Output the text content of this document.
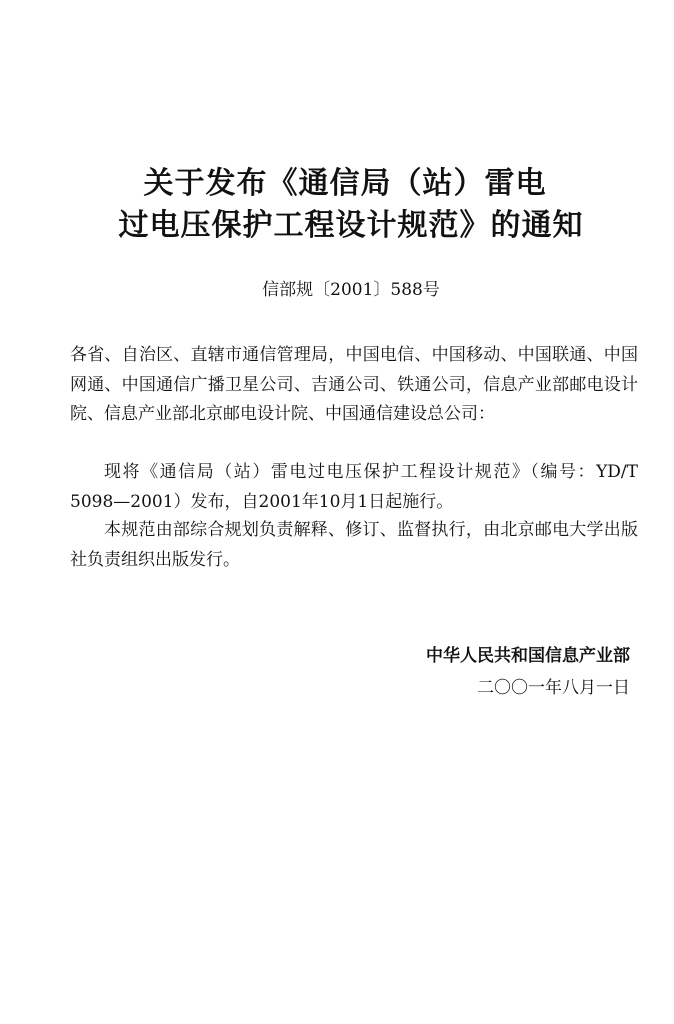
关于发布《通信局（站）雷电
过电压保护工程设计规范》的通知
信部规〔2001〕588号
各省、自治区、直辖市通信管理局，中国电信、中国移动、中国联通、中国网通、中国通信广播卫星公司、吉通公司、铁通公司，信息产业部邮电设计院、信息产业部北京邮电设计院、中国通信建设总公司：
现将《通信局（站）雷电过电压保护工程设计规范》（编号：YD/T 5098—2001）发布，自2001年10月1日起施行。
本规范由部综合规划负责解释、修订、监督执行，由北京邮电大学出版社负责组织出版发行。
中华人民共和国信息产业部
二〇〇一年八月一日
